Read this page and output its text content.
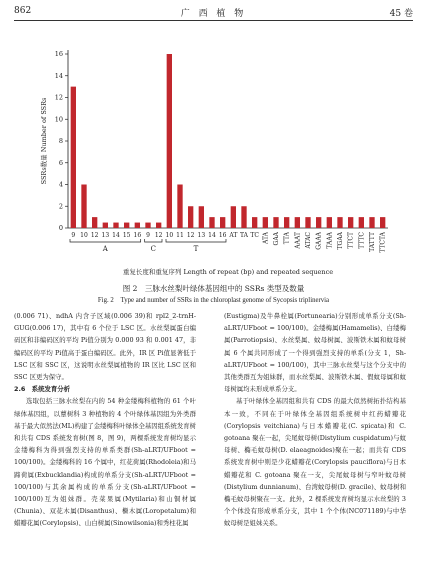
862	广 西 植 物	45 卷
SSRs数量 Number of SSRs
重复长度和重复序列 Length of repeat (bp) and repeated sequence
0
2
4
6
8
10
12
14
16
9 10 12 13 14 15 16 9 12 10 11 12 13 14 16 AT TA TC ATA GAA TTA AAAT ATAC GAAA TAAA TGAA TTCT TTTC TATTT TTCTA
A	C	T
图 2　三脉水丝梨叶绿体基因组中的 SSRs 类型及数量
Fig. 2　Type and number of SSRs in the chloroplast genome of Sycopsis triplinervia

(0.006 71)、ndhA 内含子区域(0.006 39)和 rpl2_2-trnH-GUG(0.006 17)，其中有 6 个位于 LSC 区。水丝梨属蛋白编码区和非编码区的平均 Pi值分别为 0.000 93 和 0.001 47，非编码区的平均 Pi值高于蛋白编码区。此外，IR 区 Pi值显著低于 LSC 区和 SSC 区，这说明水丝梨属植物的 IR 区比 LSC 区和 SSC 区更为保守。

2.6　系统发育分析

选取包括三脉水丝梨在内的 54 种金缕梅科植物的 61 个叶绿体基因组，以蕈树科 3 种植物的 4 个叶绿体基因组为外类群基于最大似然法(ML)构建了金缕梅科叶绿体全基因组系统发育树和共有 CDS 系统发育树(图 8，图 9)，两棵系统发育树均显示金缕梅科为得到强烈支持的单系类群(Sh-aLRT/UFboot = 100/100)。金缕梅科的 16 个属中，红花荷属(Rhodoleia)和马蹄荷属(Exbucklandia)构成的单系分支(Sh-aLRT/UFboot = 100/100)与其余属构成的单系分支(Sh-aLRT/UFboot = 100/100)互为姐妹群。壳菜果属(Mytilaria)和山铜材属(Chunia)、双花木属(Disanthus)、檵木属(Loropetalum)和蜡瓣花属(Corylopsis)、山白树属(Sinowilsonia)和秀柱花属

(Eustigma)及牛鼻栓属(Fortunearia)分别形成单系分支(Sh-aLRT/UFboot = 100/100)。金缕梅属(Hamamelis)、白缕梅属(Parrotiopsis)、水丝梨属、蚊母树属、波斯铁木属和蚊母树属 6 个属共同形成了一个得到强烈支持的单系(分支 1，Sh-aLRT/UFboot = 100/100)，其中三脉水丝梨与这个分支中的其他类群互为姐妹群，而水丝梨属、波斯铁木属、假蚊母属和蚊母树属均未形成单系分支。

基于叶绿体全基因组和共有 CDS 的最大似然树拓扑结构基本一致，不同在于叶绿体全基因组系统树中红药蜡瓣花(Corylopsis veitchiana)与日本蜡瓣花(C. spicata)和 C. gotoana 聚在一起，尖尾蚊母树(Distylium cuspidatum)与蚊母树、橢毛蚊母树(D. elaeagnoides)聚在一起；而共有 CDS 系统发育树中则是少花蜡瓣花(Corylopsis pauciflora)与日本蜡瓣花和 C. gotoana 聚在一支，尖尾蚊母树与窄叶蚊母树(Distylium dunnianum)、台湾蚊母树(D. gracile)、蚊母树和橢毛蚊母树聚在一支。此外，2 棵系统发育树均显示水丝梨的 3 个个体没有形成单系分支，其中 1 个个体(NC071189)与中华蚊母树是姐妹关系。
